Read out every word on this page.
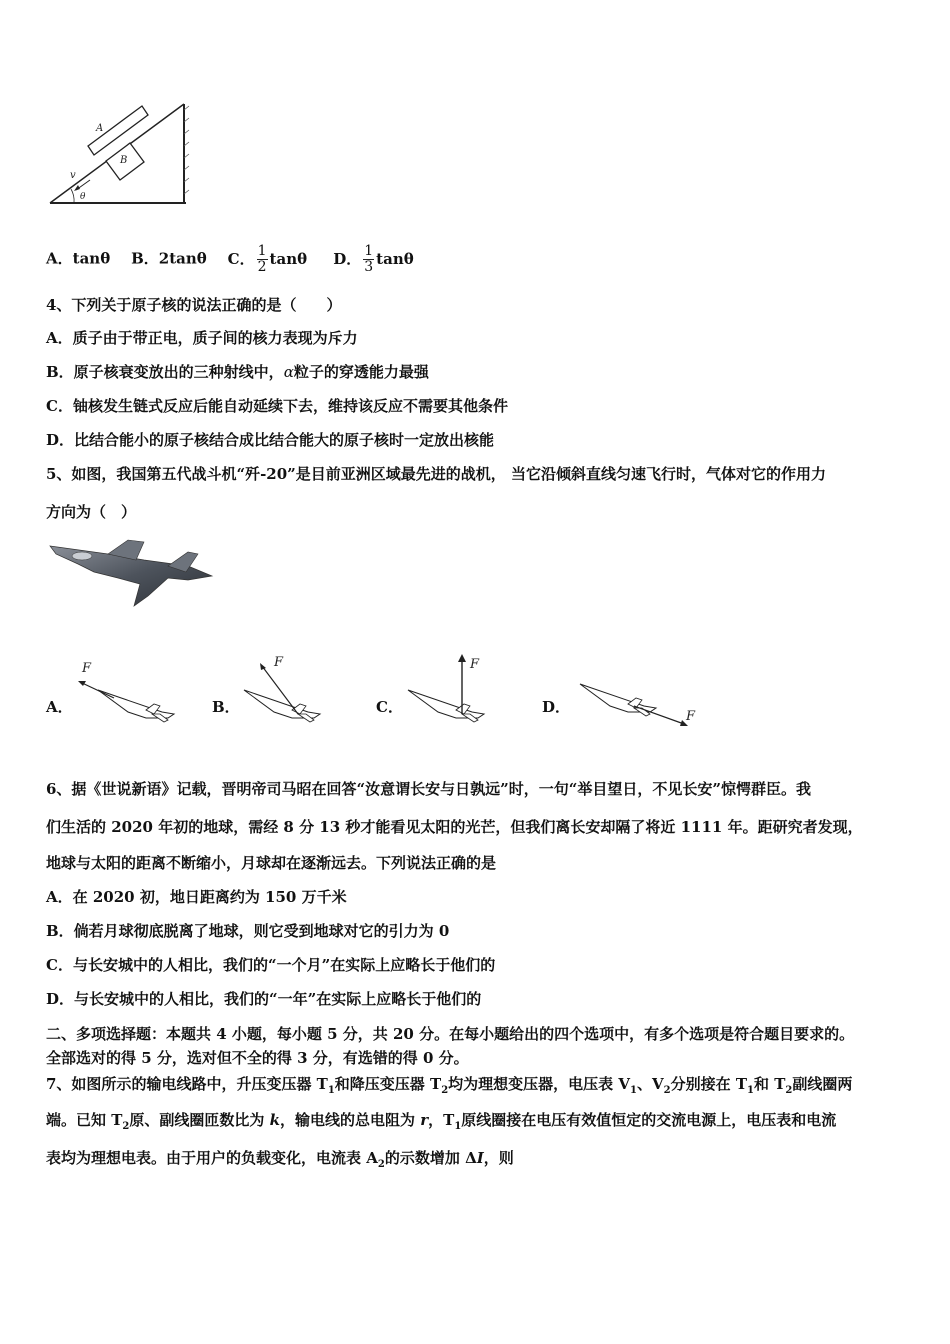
B
A
v
θ
A．tanθ B．2tanθ C． $\frac{1}{2}$ tanθ D． $\frac{1}{3}$ tanθ
4、下列关于原子核的说法正确的是（　　）
A．质子由于带正电，质子间的核力表现为斥力
B．原子核衰变放出的三种射线中，α粒子的穿透能力最强
C．铀核发生链式反应后能自动延续下去，维持该反应不需要其他条件
D．比结合能小的原子核结合成比结合能大的原子核时一定放出核能
5、如图，我国第五代战斗机“歼-20”是目前亚洲区域最先进的战机， 当它沿倾斜直线匀速飞行时，气体对它的作用力
方向为（　）
A．
F
B．
F
C．
F
D．
F
6、据《世说新语》记载，晋明帝司马昭在回答“汝意谓长安与日孰远”时，一句“举目望日，不见长安”惊愕群臣。我
们生活的 2020 年初的地球，需经 8 分 13 秒才能看见太阳的光芒，但我们离长安却隔了将近 1111 年。距研究者发现，
地球与太阳的距离不断缩小，月球却在逐渐远去。下列说法正确的是
A．在 2020 初，地日距离约为 150 万千米
B．倘若月球彻底脱离了地球，则它受到地球对它的引力为 0
C．与长安城中的人相比，我们的“一个月”在实际上应略长于他们的
D．与长安城中的人相比，我们的“一年”在实际上应略长于他们的
二、多项选择题：本题共 4 小题，每小题 5 分，共 20 分。在每小题给出的四个选项中，有多个选项是符合题目要求的。
全部选对的得 5 分，选对但不全的得 3 分，有选错的得 0 分。
7、如图所示的输电线路中，升压变压器 $T_1$和降压变压器 $T_2$均为理想变压器，电压表 $V_1$、$V_2$分别接在 $T_1$和 $T_2$副线圈两
端。已知 $T_2$原、副线圈匝数比为 k，输电线的总电阻为 r，$T_1$原线圈接在电压有效值恒定的交流电源上，电压表和电流
表均为理想电表。由于用户的负载变化，电流表 $A_2$的示数增加 ΔI，则
